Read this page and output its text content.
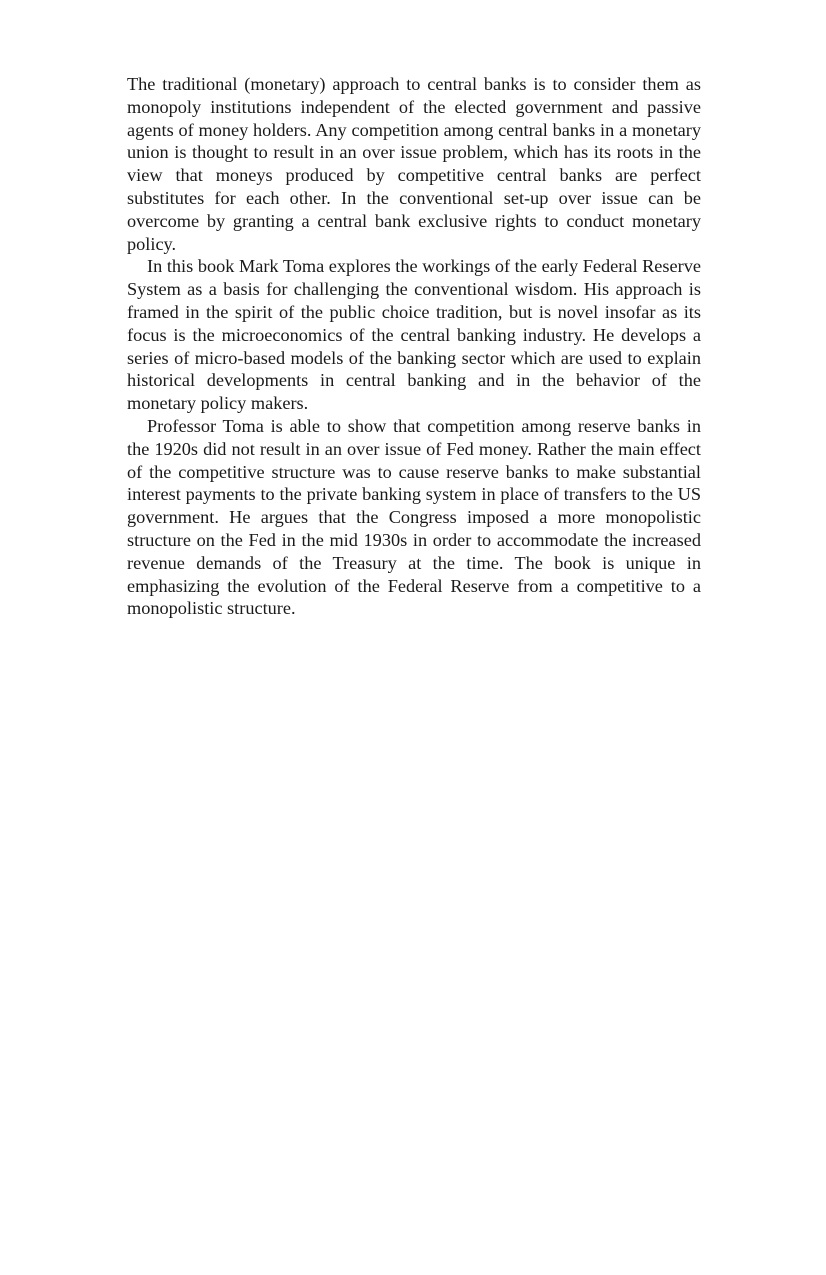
The traditional (monetary) approach to central banks is to consider them as monopoly institutions independent of the elected government and passive agents of money holders. Any competition among central banks in a monetary union is thought to result in an over issue problem, which has its roots in the view that moneys produced by competitive central banks are perfect substitutes for each other. In the conventional set-up over issue can be overcome by granting a central bank exclusive rights to conduct monetary policy.

In this book Mark Toma explores the workings of the early Federal Reserve System as a basis for challenging the conventional wisdom. His approach is framed in the spirit of the public choice tradition, but is novel insofar as its focus is the microeconomics of the central banking industry. He develops a series of micro-based models of the banking sector which are used to explain historical developments in central banking and in the behavior of the monetary policy makers.

Professor Toma is able to show that competition among reserve banks in the 1920s did not result in an over issue of Fed money. Rather the main effect of the competitive structure was to cause reserve banks to make substantial interest payments to the private banking system in place of transfers to the US government. He argues that the Congress imposed a more monopolistic structure on the Fed in the mid 1930s in order to accommodate the increased revenue demands of the Treasury at the time. The book is unique in emphasizing the evolution of the Federal Reserve from a competitive to a monopolistic structure.
